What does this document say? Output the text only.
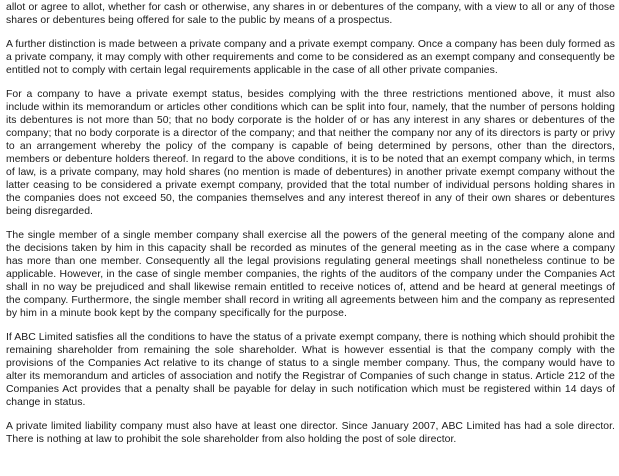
allot or agree to allot, whether for cash or otherwise, any shares in or debentures of the company, with a view to all or any of those shares or debentures being offered for sale to the public by means of a prospectus.

A further distinction is made between a private company and a private exempt company. Once a company has been duly formed as a private company, it may comply with other requirements and come to be considered as an exempt company and consequently be entitled not to comply with certain legal requirements applicable in the case of all other private companies.

For a company to have a private exempt status, besides complying with the three restrictions mentioned above, it must also include within its memorandum or articles other conditions which can be split into four, namely, that the number of persons holding its debentures is not more than 50; that no body corporate is the holder of or has any interest in any shares or debentures of the company; that no body corporate is a director of the company; and that neither the company nor any of its directors is party or privy to an arrangement whereby the policy of the company is capable of being determined by persons, other than the directors, members or debenture holders thereof. In regard to the above conditions, it is to be noted that an exempt company which, in terms of law, is a private company, may hold shares (no mention is made of debentures) in another private exempt company without the latter ceasing to be considered a private exempt company, provided that the total number of individual persons holding shares in the companies does not exceed 50, the companies themselves and any interest thereof in any of their own shares or debentures being disregarded.

The single member of a single member company shall exercise all the powers of the general meeting of the company alone and the decisions taken by him in this capacity shall be recorded as minutes of the general meeting as in the case where a company has more than one member. Consequently all the legal provisions regulating general meetings shall nonetheless continue to be applicable. However, in the case of single member companies, the rights of the auditors of the company under the Companies Act shall in no way be prejudiced and shall likewise remain entitled to receive notices of, attend and be heard at general meetings of the company. Furthermore, the single member shall record in writing all agreements between him and the company as represented by him in a minute book kept by the company specifically for the purpose.

If ABC Limited satisfies all the conditions to have the status of a private exempt company, there is nothing which should prohibit the remaining shareholder from remaining the sole shareholder. What is however essential is that the company comply with the provisions of the Companies Act relative to its change of status to a single member company. Thus, the company would have to alter its memorandum and articles of association and notify the Registrar of Companies of such change in status. Article 212 of the Companies Act provides that a penalty shall be payable for delay in such notification which must be registered within 14 days of change in status.

A private limited liability company must also have at least one director. Since January 2007, ABC Limited has had a sole director. There is nothing at law to prohibit the sole shareholder from also holding the post of sole director.
